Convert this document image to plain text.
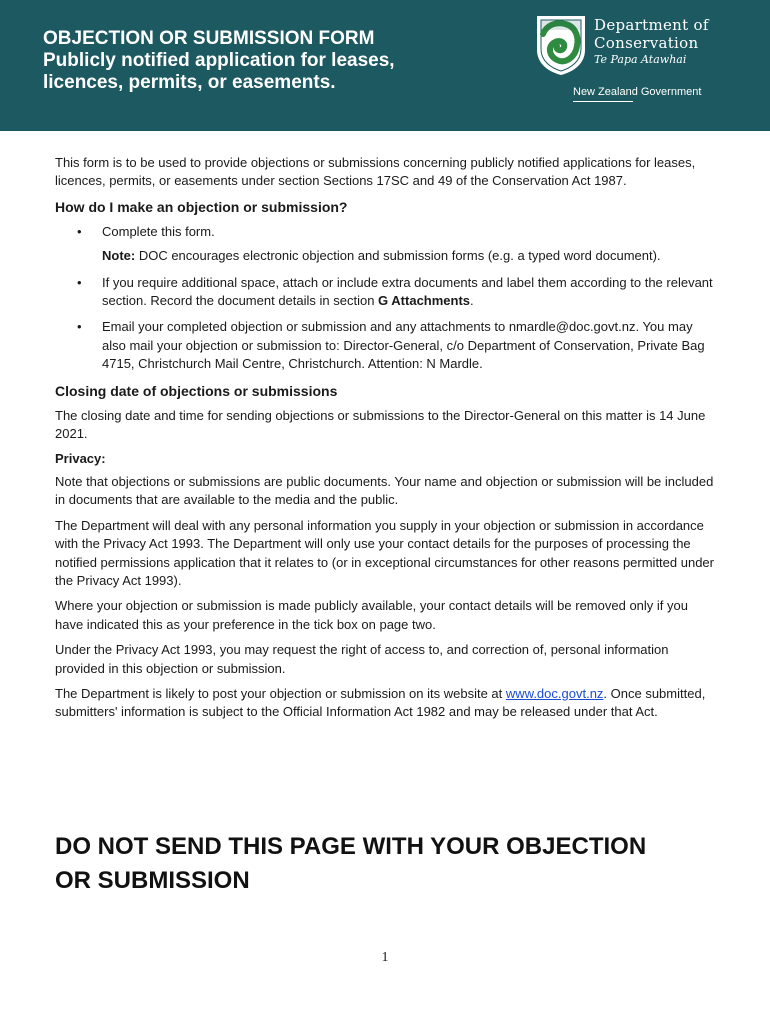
OBJECTION OR SUBMISSION FORM
Publicly notified application for leases,
licences, permits, or easements.
Department of
Conservation
Te Papa Atawhai
New Zealand Government

This form is to be used to provide objections or submissions concerning publicly notified applications for leases, licences, permits, or easements under section Sections 17SC and 49 of the Conservation Act 1987.

How do I make an objection or submission?
• Complete this form.
Note: DOC encourages electronic objection and submission forms (e.g. a typed word document).
• If you require additional space, attach or include extra documents and label them according to the relevant section. Record the document details in section G Attachments.
• Email your completed objection or submission and any attachments to nmardle@doc.govt.nz. You may also mail your objection or submission to: Director-General, c/o Department of Conservation, Private Bag 4715, Christchurch Mail Centre, Christchurch. Attention: N Mardle.
Closing date of objections or submissions

The closing date and time for sending objections or submissions to the Director-General on this matter is 14 June 2021.

Privacy:

Note that objections or submissions are public documents. Your name and objection or submission will be included in documents that are available to the media and the public.

The Department will deal with any personal information you supply in your objection or submission in accordance with the Privacy Act 1993. The Department will only use your contact details for the purposes of processing the notified permissions application that it relates to (or in exceptional circumstances for other reasons permitted under the Privacy Act 1993).

Where your objection or submission is made publicly available, your contact details will be removed only if you have indicated this as your preference in the tick box on page two.

Under the Privacy Act 1993, you may request the right of access to, and correction of, personal information provided in this objection or submission.

The Department is likely to post your objection or submission on its website at www.doc.govt.nz. Once submitted, submitters' information is subject to the Official Information Act 1982 and may be released under that Act.

DO NOT SEND THIS PAGE WITH YOUR OBJECTION
OR SUBMISSION
1
